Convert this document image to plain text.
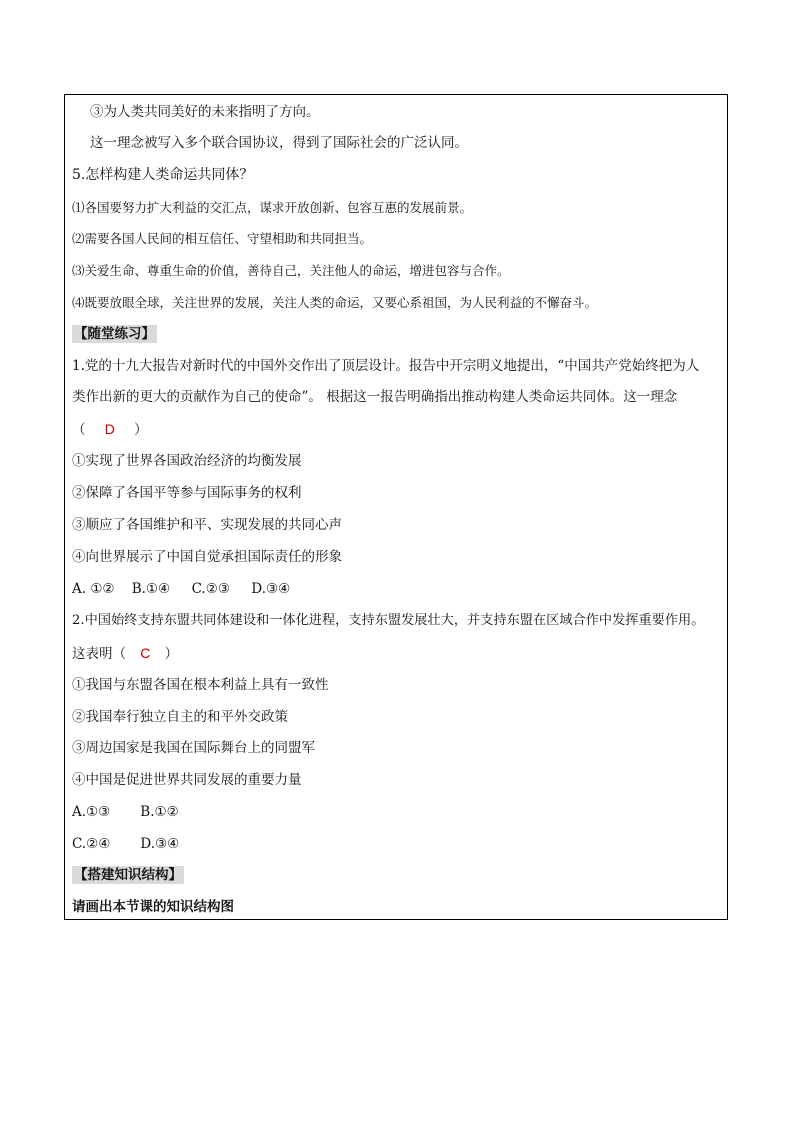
③为人类共同美好的未来指明了方向。
这一理念被写入多个联合国协议，得到了国际社会的广泛认同。
5.怎样构建人类命运共同体？
⑴各国要努力扩大利益的交汇点，谋求开放创新、包容互惠的发展前景。
⑵需要各国人民间的相互信任、守望相助和共同担当。
⑶关爱生命、尊重生命的价值，善待自己，关注他人的命运，增进包容与合作。
⑷既要放眼全球，关注世界的发展，关注人类的命运，又要心系祖国，为人民利益的不懈奋斗。
【随堂练习】
1.党的十九大报告对新时代的中国外交作出了顶层设计。报告中开宗明义地提出，“中国共产党始终把为人
类作出新的更大的贡献作为自己的使命”。 根据这一报告明确指出推动构建人类命运共同体。这一理念
（ D ）
①实现了世界各国政治经济的均衡发展
②保障了各国平等参与国际事务的权利
③顺应了各国维护和平、实现发展的共同心声
④向世界展示了中国自觉承担国际责任的形象
A. ①②    B.①④     C.②③     D.③④
2.中国始终支持东盟共同体建设和一体化进程，支持东盟发展壮大，并支持东盟在区域合作中发挥重要作用。
这表明（ C ）
①我国与东盟各国在根本利益上具有一致性
②我国奉行独立自主的和平外交政策
③周边国家是我国在国际舞台上的同盟军
④中国是促进世界共同发展的重要力量
A.①③       B.①②
C.②④       D.③④
【搭建知识结构】
请画出本节课的知识结构图
